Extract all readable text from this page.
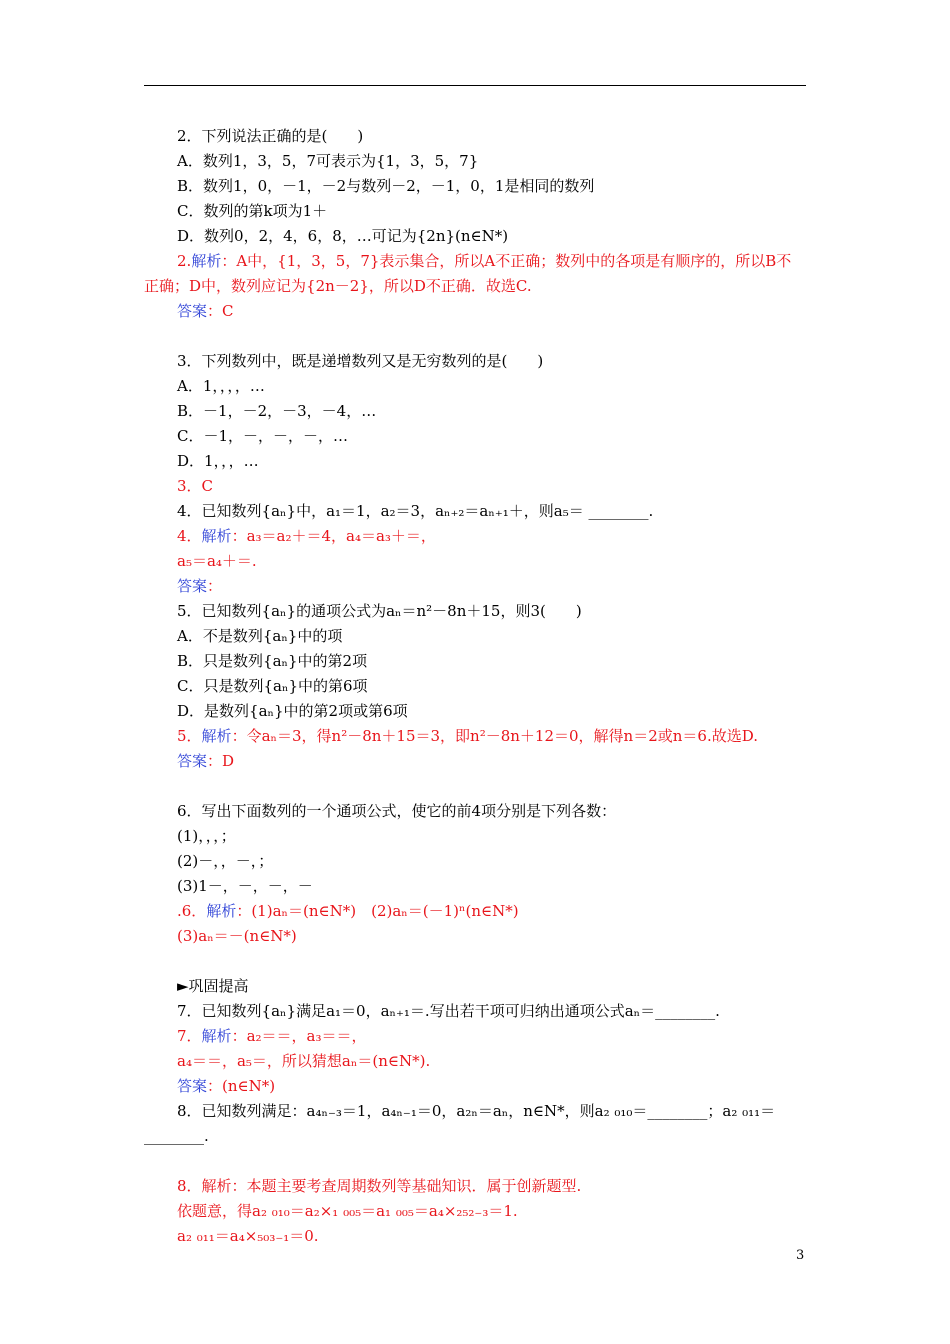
2．下列说法正确的是(　　)
A．数列1，3，5，7可表示为{1，3，5，7}
B．数列1，0，－1，－2与数列－2，－1，0，1是相同的数列
C．数列的第k项为1＋
D．数列0，2，4，6，8，…可记为{2n}(n∈N*)
2.解析：A中，{1，3，5，7}表示集合，所以A不正确；数列中的各项是有顺序的，所以B不
正确；D中，数列应记为{2n－2}，所以D不正确．故选C.
答案：C
3．下列数列中，既是递增数列又是无穷数列的是(　　)
A．1，，，，…
B．－1，－2，－3，－4，…
C．－1，－，－，－，…
D．1，，，…
3．C
4．已知数列{aₙ}中，a₁＝1，a₂＝3，aₙ₊₂＝aₙ₊₁＋，则a₅＝ ________.
4．解析：a₃＝a₂＋＝4，a₄＝a₃＋＝，
a₅＝a₄＋＝.
答案：
5．已知数列{aₙ}的通项公式为aₙ＝n²－8n＋15，则3(　　)
A．不是数列{aₙ}中的项
B．只是数列{aₙ}中的第2项
C．只是数列{aₙ}中的第6项
D．是数列{aₙ}中的第2项或第6项
5．解析：令aₙ＝3，得n²－8n＋15＝3，即n²－8n＋12＝0，解得n＝2或n＝6.故选D.
答案：D
6．写出下面数列的一个通项公式，使它的前4项分别是下列各数：
(1)，，，；
(2)－，，－，；
(3)1－，－，－，－
.6．解析：(1)aₙ＝(n∈N*)　(2)aₙ＝(－1)ⁿ(n∈N*)
(3)aₙ＝－(n∈N*)
►巩固提高
7．已知数列{aₙ}满足a₁＝0，aₙ₊₁＝.写出若干项可归纳出通项公式aₙ＝________.
7．解析：a₂＝＝，a₃＝＝，
a₄＝＝，a₅＝，所以猜想aₙ＝(n∈N*).
答案：(n∈N*)
8．已知数列满足：a₄ₙ₋₃＝1，a₄ₙ₋₁＝0，a₂ₙ＝aₙ，n∈N*，则a₂ ₀₁₀＝________；a₂ ₀₁₁＝
________.
8．解析：本题主要考查周期数列等基础知识．属于创新题型.
依题意，得a₂ ₀₁₀＝a₂×₁ ₀₀₅＝a₁ ₀₀₅＝a₄×₂₅₂₋₃＝1.
a₂ ₀₁₁＝a₄×₅₀₃₋₁＝0.
3
